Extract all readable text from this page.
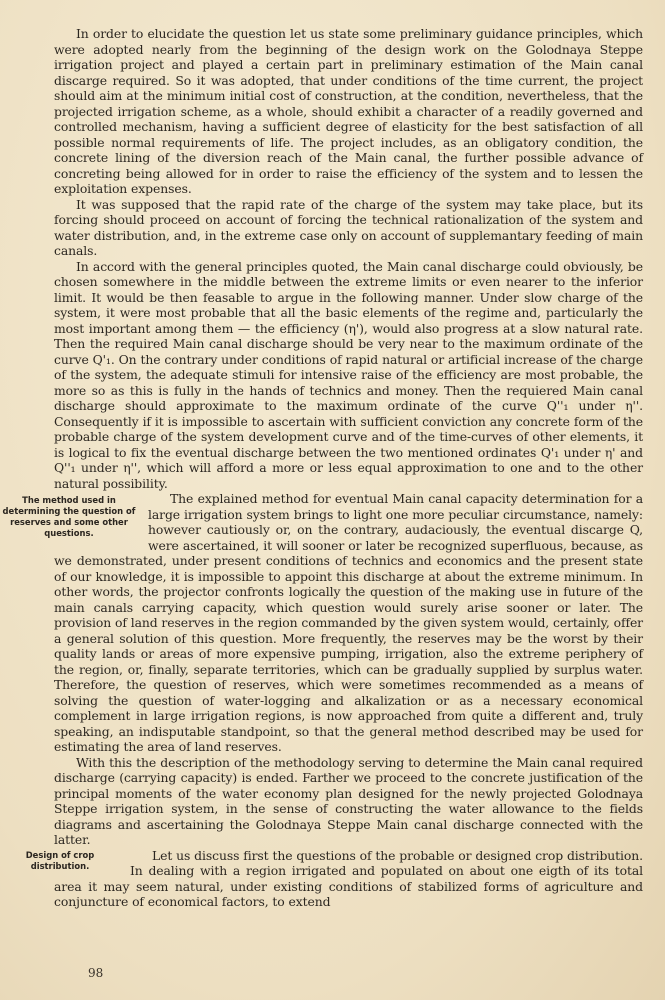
In order to elucidate the question let us state some preliminary guidance principles, which were adopted nearly from the beginning of the design work on the Golodnaya Steppe irrigation project and played a certain part in preliminary estimation of the Main canal discarge required. So it was adopted, that under conditions of the time current, the project should aim at the minimum initial cost of construction, at the condition, nevertheless, that the projected irrigation scheme, as a whole, should exhibit a character of a readily governed and controlled mechanism, having a sufficient degree of elasticity for the best satisfaction of all possible normal requirements of life. The project includes, as an obligatory condition, the concrete lining of the diversion reach of the Main canal, the further possible advance of concreting being allowed for in order to raise the efficiency of the system and to lessen the exploitation expenses.

It was supposed that the rapid rate of the charge of the system may take place, but its forcing should proceed on account of forcing the technical rationalization of the system and water distribution, and, in the extreme case only on account of supplemantary feeding of main canals.

In accord with the general principles quoted, the Main canal discharge could obviously, be chosen somewhere in the middle between the extreme limits or even nearer to the inferior limit. It would be then feasable to argue in the following manner. Under slow charge of the system, it were most probable that all the basic elements of the regime and, particularly the most important among them — the efficiency (η'), would also progress at a slow natural rate. Then the required Main canal discharge should be very near to the maximum ordinate of the curve Q'₁. On the contrary under conditions of rapid natural or artificial increase of the charge of the system, the adequate stimuli for intensive raise of the efficiency are most probable, the more so as this is fully in the hands of technics and money. Then the requiered Main canal discharge should approximate to the maximum ordinate of the curve Q''₁ under η''. Consequently if it is impossible to ascertain with sufficient conviction any concrete form of the probable charge of the system development curve and of the time-curves of other elements, it is logical to fix the eventual discharge between the two mentioned ordinates Q'₁ under η' and Q''₁ under η'', which will afford a more or less equal approximation to one and to the other natural possibility.

The method used in determining the question of reserves and some other questions.

The explained method for eventual Main canal capacity determination for a large irrigation system brings to light one more peculiar circumstance, namely: however cautiously or, on the contrary, audaciously, the eventual discarge Q, were ascertained, it will sooner or later be recognized superfluous, because, as we demonstrated, under present conditions of technics and economics and the present state of our knowledge, it is impossible to appoint this discharge at about the extreme minimum. In other words, the projector confronts logically the question of the making use in future of the main canals carrying capacity, which question would surely arise sooner or later. The provision of land reserves in the region commanded by the given system would, certainly, offer a general solution of this question. More frequently, the reserves may be the worst by their quality lands or areas of more expensive pumping, irrigation, also the extreme periphery of the region, or, finally, separate territories, which can be gradually supplied by surplus water. Therefore, the question of reserves, which were sometimes recommended as a means of solving the question of water-logging and alkalization or as a necessary economical complement in large irrigation regions, is now approached from quite a different and, truly speaking, an indisputable standpoint, so that the general method described may be used for estimating the area of land reserves.

With this the description of the methodology serving to determine the Main canal required discharge (carrying capacity) is ended. Farther we proceed to the concrete justification of the principal moments of the water economy plan designed for the newly projected Golodnaya Steppe irrigation system, in the sense of constructing the water allowance to the fields diagrams and ascertaining the Golodnaya Steppe Main canal discharge connected with the latter.

Design of crop distribution.

Let us discuss first the questions of the probable or designed crop distribution. In dealing with a region irrigated and populated on about one eigth of its total area it may seem natural, under existing conditions of stabilized forms of agriculture and conjuncture of economical factors, to extend

98
